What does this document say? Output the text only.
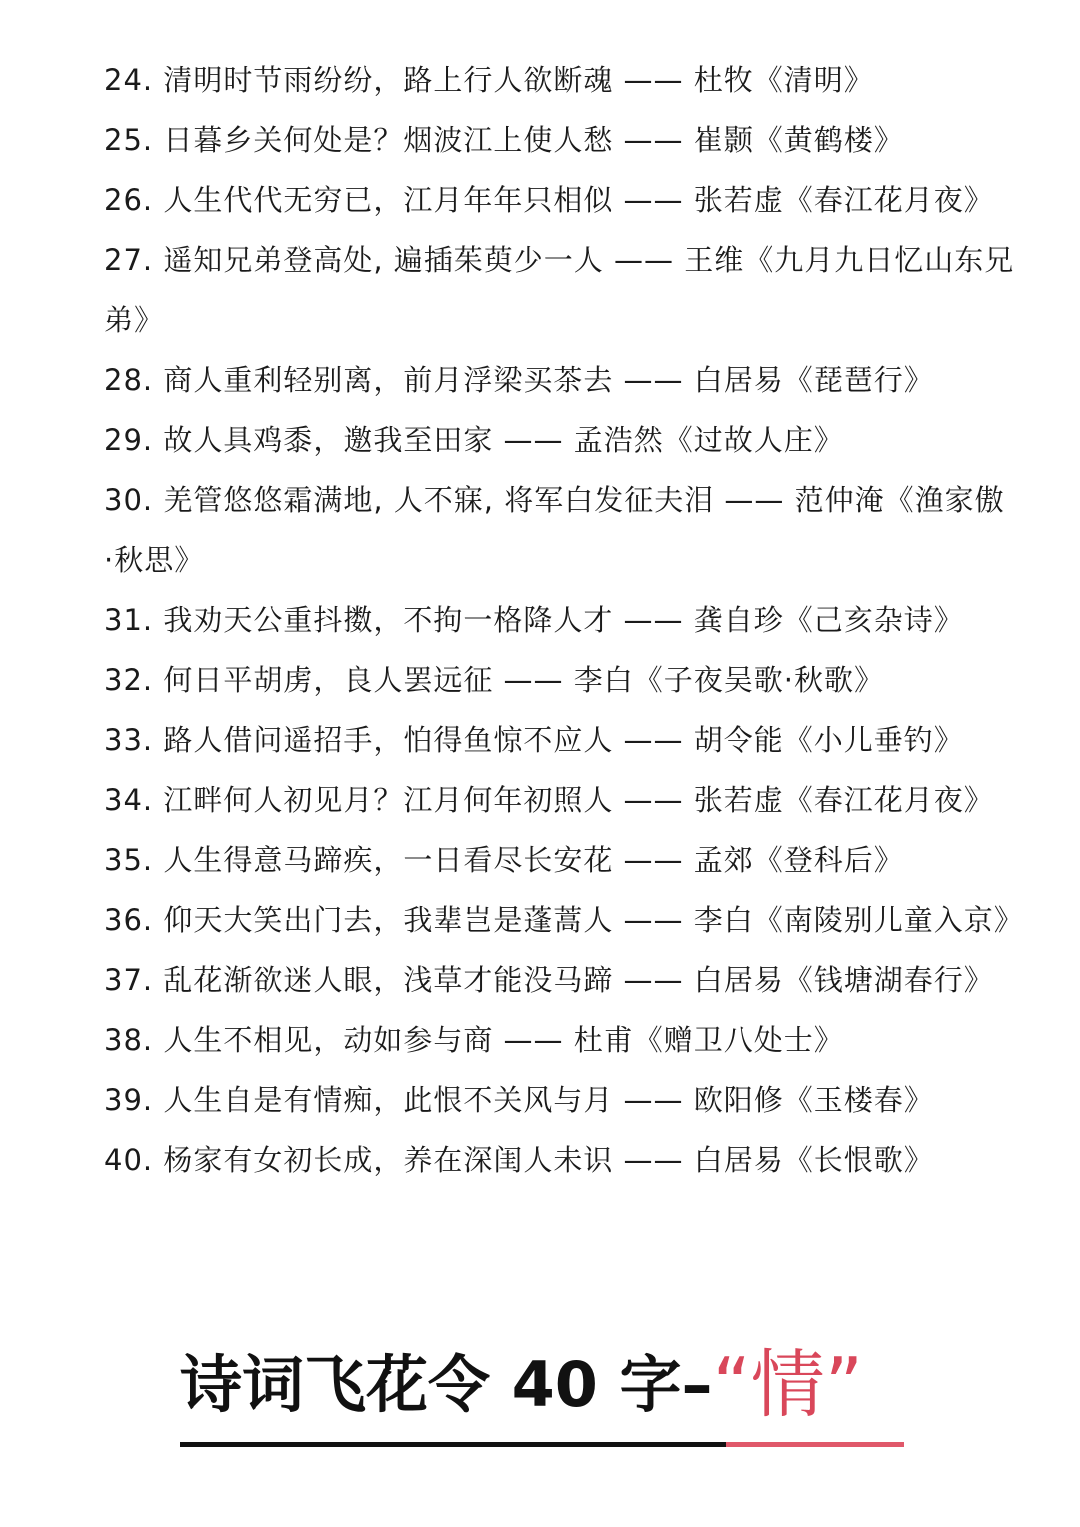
24. 清明时节雨纷纷，路上行人欲断魂 —— 杜牧《清明》
25. 日暮乡关何处是？烟波江上使人愁 —— 崔颢《黄鹤楼》
26. 人生代代无穷已，江月年年只相似 —— 张若虚《春江花月夜》
27. 遥知兄弟登高处, 遍插茱萸少一人 —— 王维《九月九日忆山东兄
弟》
28. 商人重利轻别离，前月浮梁买茶去 —— 白居易《琵琶行》
29. 故人具鸡黍，邀我至田家 —— 孟浩然《过故人庄》
30. 羌管悠悠霜满地, 人不寐, 将军白发征夫泪 —— 范仲淹《渔家傲
·秋思》
31. 我劝天公重抖擞，不拘一格降人才 —— 龚自珍《己亥杂诗》
32. 何日平胡虏，良人罢远征 —— 李白《子夜吴歌·秋歌》
33. 路人借问遥招手，怕得鱼惊不应人 —— 胡令能《小儿垂钓》
34. 江畔何人初见月？江月何年初照人 —— 张若虚《春江花月夜》
35. 人生得意马蹄疾，一日看尽长安花 —— 孟郊《登科后》
36. 仰天大笑出门去，我辈岂是蓬蒿人 —— 李白《南陵别儿童入京》
37. 乱花渐欲迷人眼，浅草才能没马蹄 —— 白居易《钱塘湖春行》
38. 人生不相见，动如参与商 —— 杜甫《赠卫八处士》
39. 人生自是有情痴，此恨不关风与月 —— 欧阳修《玉楼春》
40. 杨家有女初长成，养在深闺人未识 —— 白居易《长恨歌》
诗词飞花令 40 字–“情”
